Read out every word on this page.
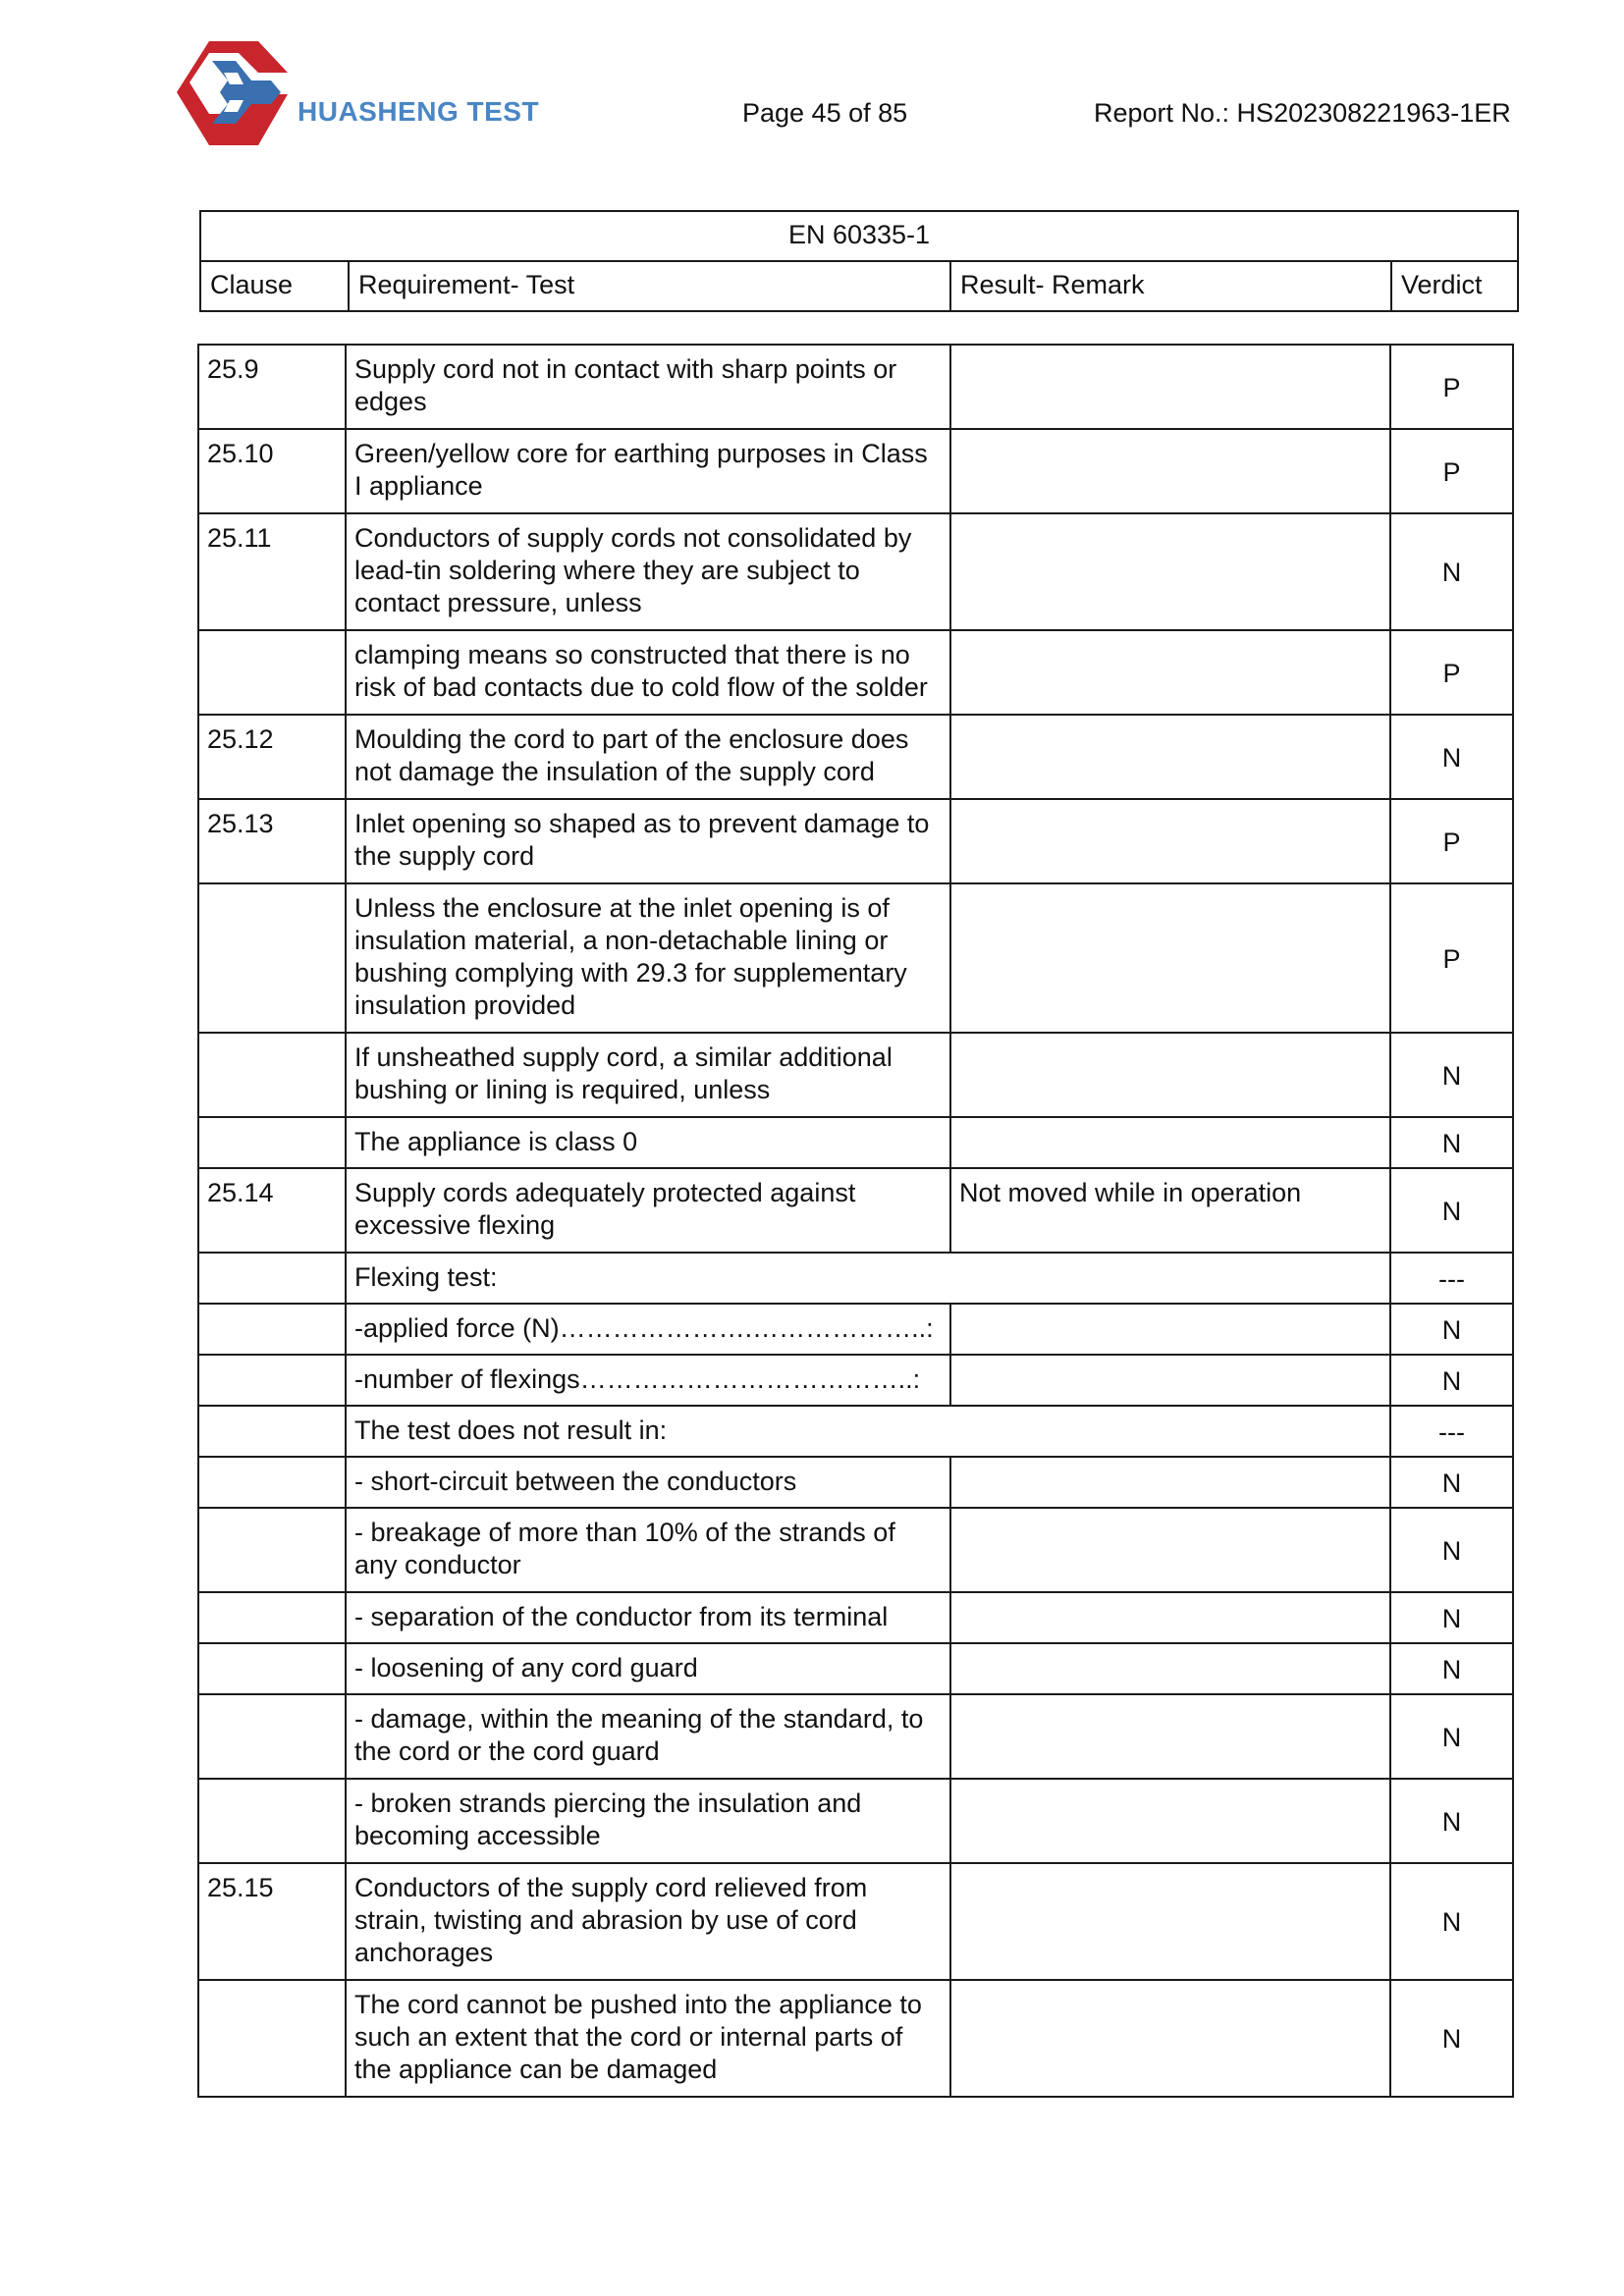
HUASHENG TEST	Page 45 of 85	Report No.: HS202308221963-1ER
EN 60335-1
Clause	Requirement- Test	Result- Remark	Verdict
25.9	Supply cord not in contact with sharp points or edges		P
25.10	Green/yellow core for earthing purposes in Class I appliance		P
25.11	Conductors of supply cords not consolidated by lead-tin soldering where they are subject to contact pressure, unless		N
	clamping means so constructed that there is no risk of bad contacts due to cold flow of the solder		P
25.12	Moulding the cord to part of the enclosure does not damage the insulation of the supply cord		N
25.13	Inlet opening so shaped as to prevent damage to the supply cord		P
	Unless the enclosure at the inlet opening is of insulation material, a non-detachable lining or bushing complying with 29.3 for supplementary insulation provided		P
	If unsheathed supply cord, a similar additional bushing or lining is required, unless		N
	The appliance is class 0		N
25.14	Supply cords adequately protected against excessive flexing	Not moved while in operation	N
	Flexing test:		---
	-applied force (N)………………….………………..:		N
	-number of flexings………………………………..:		N
	The test does not result in:		---
	- short-circuit between the conductors		N
	- breakage of more than 10% of the strands of any conductor		N
	- separation of the conductor from its terminal		N
	- loosening of any cord guard		N
	- damage, within the meaning of the standard, to the cord or the cord guard		N
	- broken strands piercing the insulation and becoming accessible		N
25.15	Conductors of the supply cord relieved from strain, twisting and abrasion by use of cord anchorages		N
	The cord cannot be pushed into the appliance to such an extent that the cord or internal parts of the appliance can be damaged		N
